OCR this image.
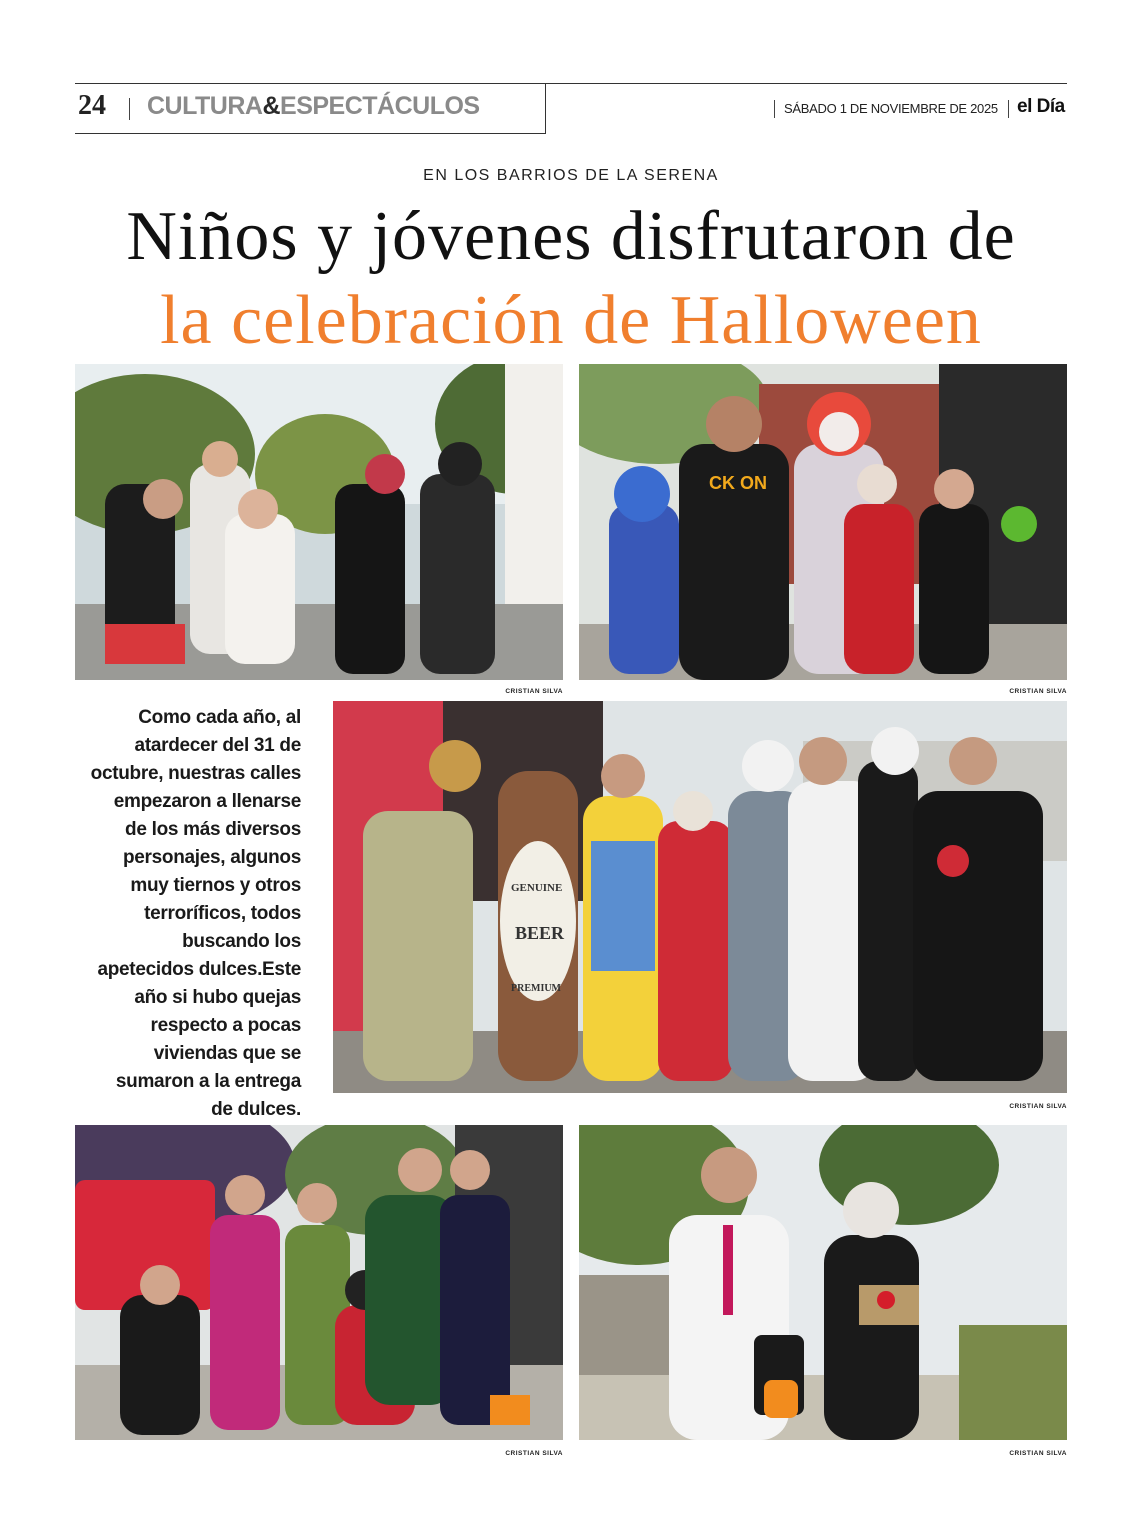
24 CULTURA&ESPECTÁCULOS	SÁBADO 1 DE NOVIEMBRE DE 2025 el Día
EN LOS BARRIOS DE LA SERENA
Niños y jóvenes disfrutaron de
la celebración de Halloween
CRISTIAN SILVA
CK ON
CRISTIAN SILVA
Como cada año, al atardecer del 31 de octubre, nuestras calles empezaron a llenarse de los más diversos personajes, algunos muy tiernos y otros terroríficos, todos buscando los apetecidos dulces.Este año si hubo quejas respecto a pocas viviendas que se sumaron a la entrega de dulces.
GENUINE
BEER
PREMIUM
CRISTIAN SILVA
CRISTIAN SILVA	CRISTIAN SILVA
